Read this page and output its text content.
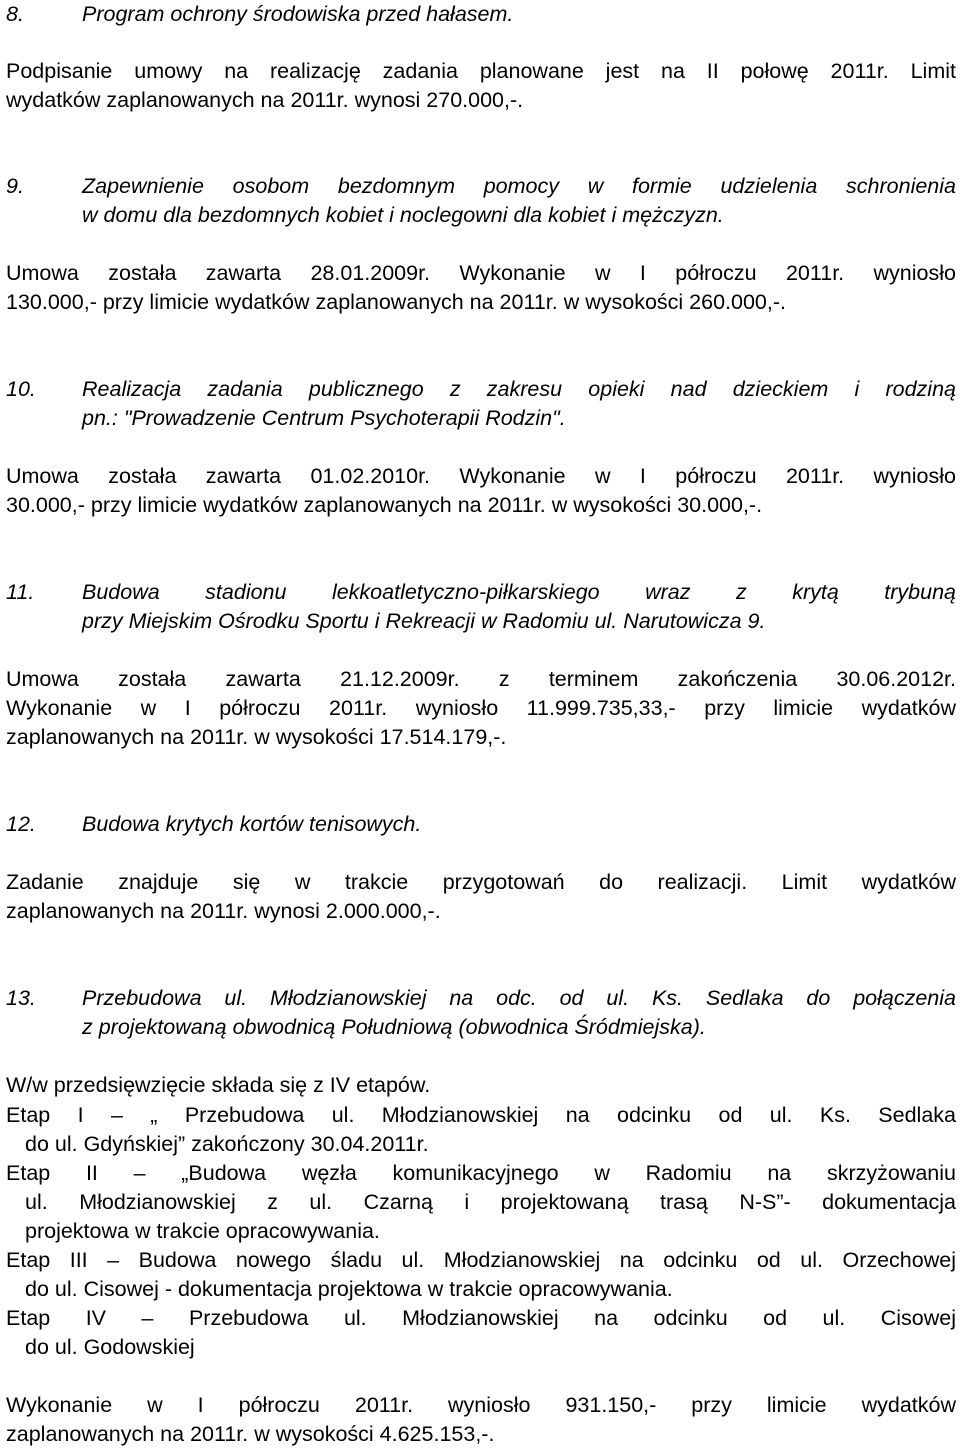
8.	Program ochrony środowiska przed hałasem.
Podpisanie umowy na realizację zadania planowane jest na II połowę 2011r. Limit
wydatków zaplanowanych na 2011r. wynosi 270.000,-.
9.	Zapewnienie osobom bezdomnym pomocy w formie udzielenia schronienia
w domu dla bezdomnych kobiet i noclegowni dla kobiet i mężczyzn.
Umowa została zawarta 28.01.2009r. Wykonanie w I półroczu 2011r. wyniosło
130.000,- przy limicie wydatków zaplanowanych na 2011r. w wysokości 260.000,-.
10. Realizacja zadania publicznego z zakresu opieki nad dzieckiem i rodziną
pn.: "Prowadzenie Centrum Psychoterapii Rodzin".
Umowa została zawarta 01.02.2010r. Wykonanie w I półroczu 2011r. wyniosło
30.000,- przy limicie wydatków zaplanowanych na 2011r. w wysokości 30.000,-.
11. Budowa stadionu lekkoatletyczno-piłkarskiego wraz z krytą trybuną
przy Miejskim Ośrodku Sportu i Rekreacji w Radomiu ul. Narutowicza 9.
Umowa została zawarta 21.12.2009r. z terminem zakończenia 30.06.2012r.
Wykonanie w I półroczu 2011r. wyniosło 11.999.735,33,- przy limicie wydatków
zaplanowanych na 2011r. w wysokości 17.514.179,-.
12. Budowa krytych kortów tenisowych.
Zadanie znajduje się w trakcie przygotowań do realizacji. Limit wydatków
zaplanowanych na 2011r. wynosi 2.000.000,-.
13. Przebudowa ul. Młodzianowskiej na odc. od ul. Ks. Sedlaka do połączenia
z projektowaną obwodnicą Południową (obwodnica Śródmiejska).
W/w przedsięwzięcie składa się z IV etapów.
Etap I – „ Przebudowa ul. Młodzianowskiej na odcinku od ul. Ks. Sedlaka
do ul. Gdyńskiej” zakończony 30.04.2011r.
Etap II – „Budowa węzła komunikacyjnego w Radomiu na skrzyżowaniu
ul. Młodzianowskiej z ul. Czarną i projektowaną trasą N-S”- dokumentacja
projektowa w trakcie opracowywania.
Etap III – Budowa nowego śladu ul. Młodzianowskiej na odcinku od ul. Orzechowej
do ul. Cisowej - dokumentacja projektowa w trakcie opracowywania.
Etap IV – Przebudowa ul. Młodzianowskiej na odcinku od ul. Cisowej
do ul. Godowskiej
Wykonanie w I półroczu 2011r. wyniosło 931.150,- przy limicie wydatków
zaplanowanych na 2011r. w wysokości 4.625.153,-.
